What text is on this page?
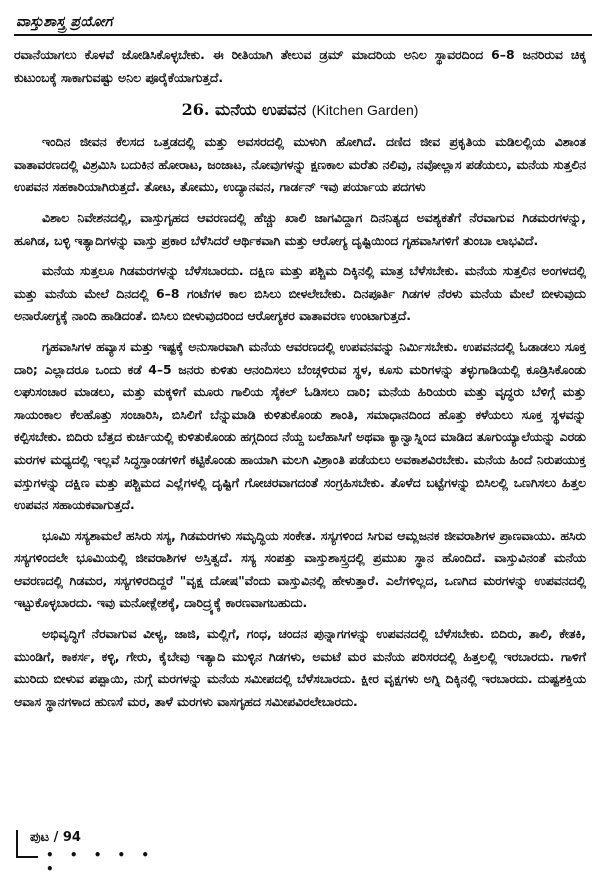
ವಾಸ್ತುಶಾಸ್ತ್ರ ಪ್ರಯೋಗ

ರವಾನೆಯಾಗಲು ಕೊಳವೆ ಜೋಡಿಸಿಕೊಳ್ಳಬೇಕು. ಈ ರೀತಿಯಾಗಿ ತೇಲುವ ಡ್ರಮ್ ಮಾದರಿಯ ಅನಿಲ ಸ್ಥಾವರದಿಂದ 6–8 ಜನರಿರುವ ಚಿಕ್ಕ ಕುಟುಂಬಕ್ಕೆ ಸಾಕಾಗುವಷ್ಟು ಅನಿಲ ಪೂರೈಕೆಯಾಗುತ್ತದೆ.

26. ಮನೆಯ ಉಪವನ (Kitchen Garden)

ಇಂದಿನ ಜೀವನ ಕೆಲಸದ ಒತ್ತಡದಲ್ಲಿ ಮತ್ತು ಅವಸರದಲ್ಲಿ ಮುಳುಗಿ ಹೋಗಿದೆ. ದಣಿದ ಜೀವ ಪ್ರಕೃತಿಯ ಮಡಿಲಲ್ಲಿಯ ವಿಶಾಂತ ವಾತಾವರಣದಲ್ಲಿ ವಿಶ್ರಮಿಸಿ ಬದುಕಿನ ಹೋರಾಟ, ಜಂಜಾಟ, ನೋವುಗಳನ್ನು ಕ್ಷಣಕಾಲ ಮರೆತು ನಲಿವು, ನವೋಲ್ಲಾಸ ಪಡೆಯಲು, ಮನೆಯ ಸುತ್ತಲಿನ ಉಪವನ ಸಹಕಾರಿಯಾಗಿರುತ್ತದೆ. ತೋಟ, ತೋಮು, ಉದ್ಯಾನವನ, ಗಾರ್ಡನ್ ಇವು ಪರ್ಯಾಯ ಪದಗಳು

ವಿಶಾಲ ನಿವೇಶನದಲ್ಲಿ, ವಾಸ್ತುಗೃಹದ ಆವರಣದಲ್ಲಿ ಹೆಚ್ಚು ಖಾಲಿ ಜಾಗವಿದ್ದಾಗ ದಿನನಿತ್ಯದ ಅವಶ್ಯಕತೆಗೆ ನೆರವಾಗುವ ಗಿಡಮರಗಳನ್ನು, ಹೂಗಿಡ, ಬಳ್ಳಿ ಇತ್ಯಾದಿಗಳನ್ನು ವಾಸ್ತು ಪ್ರಕಾರ ಬೆಳೆಸಿದರೆ ಆರ್ಥಿಕವಾಗಿ ಮತ್ತು ಆರೋಗ್ಯ ದೃಷ್ಟಿಯಿಂದ ಗೃಹವಾಸಿಗಳಿಗೆ ತುಂಬಾ ಲಾಭವಿದೆ.

ಮನೆಯ ಸುತ್ತಲೂ ಗಿಡಮರಗಳನ್ನು ಬೆಳೆಸಬಾರದು. ದಕ್ಷಿಣ ಮತ್ತು ಪಶ್ಚಿಮ ದಿಕ್ಕಿನಲ್ಲಿ ಮಾತ್ರ ಬೆಳೆಸಬೇಕು. ಮನೆಯ ಸುತ್ತಲಿನ ಅಂಗಳದಲ್ಲಿ ಮತ್ತು ಮನೆಯ ಮೇಲೆ ದಿನದಲ್ಲಿ 6–8 ಗಂಟೆಗಳ ಕಾಲ ಬಿಸಿಲು ಬೀಳಲೇಬೇಕು. ದಿನಪೂರ್ತಿ ಗಿಡಗಳ ನೆರಳು ಮನೆಯ ಮೇಲೆ ಬೀಳುವುದು ಅನಾರೋಗ್ಯಕ್ಕೆ ನಾಂದಿ ಹಾಡಿದಂತೆ. ಬಿಸಿಲು ಬೀಳುವುದರಿಂದ ಆರೋಗ್ಯಕರ ವಾತಾವರಣ ಉಂಟಾಗುತ್ತದೆ.

ಗೃಹವಾಸಿಗಳ ಹವ್ಯಾಸ ಮತ್ತು ಇಷ್ಟಕ್ಕೆ ಅನುಸಾರವಾಗಿ ಮನೆಯ ಆವರಣದಲ್ಲಿ ಉಪವನವನ್ನು ನಿರ್ಮಿಸಬೇಕು. ಉಪವನದಲ್ಲಿ ಓಡಾಡಲು ಸೂಕ್ತ ದಾರಿ; ಎಲ್ಲಾದರೂ ಒಂದು ಕಡೆ 4–5 ಜನರು ಕುಳಿತು ಆನಂದಿಸಲು ಬೆಂಚ್ಗಳಿರುವ ಸ್ಥಳ, ಕೂಸು ಮರಿಗಳನ್ನು ತಳ್ಳುಗಾಡಿಯಲ್ಲಿ ಕೂಡ್ರಿಸಿಕೊಂಡು ಲಘುಸಂಚಾರ ಮಾಡಲು, ಮತ್ತು ಮಕ್ಕಳಿಗೆ ಮೂರು ಗಾಲಿಯ ಸೈಕಲ್ ಓಡಿಸಲು ದಾರಿ; ಮನೆಯ ಹಿರಿಯರು ಮತ್ತು ವೃದ್ಧರು ಬೆಳಿಗ್ಗೆ ಮತ್ತು ಸಾಯಂಕಾಲ ಕೆಲಹೊತ್ತು ಸಂಚಾರಿಸಿ, ಬಿಸಿಲಿಗೆ ಬೆನ್ನುಮಾಡಿ ಕುಳಿತುಕೊಂಡು ಶಾಂತಿ, ಸಮಾಧಾನದಿಂದ ಹೊತ್ತು ಕಳೆಯಲು ಸೂಕ್ತ ಸ್ಥಳವನ್ನು ಕಲ್ಪಿಸಬೇಕು. ಬಿದಿರು ಬೆತ್ತದ ಕುರ್ಚಿಯಲ್ಲಿ ಕುಳಿತುಕೊಂಡು ಹಗ್ಗದಿಂದ ನೆಯ್ದ ಬಲೆಹಾಸಿಗೆ ಅಥವಾ ಕ್ಯಾನ್ವಾಸ್ನಿಂದ ಮಾಡಿದ ತೂಗುಯ್ಯಾಲೆಯನ್ನು ಎರಡು ಮರಗಳ ಮಧ್ಯದಲ್ಲಿ ಇಲ್ಲವೆ ಸಿದ್ಧಸ್ತಾಂಡಗಳಿಗೆ ಕಟ್ಟಿಕೊಂಡು ಹಾಯಾಗಿ ಮಲಗಿ ವಿಶ್ರಾಂತಿ ಪಡೆಯಲು ಅವಕಾಶವಿರಬೇಕು. ಮನೆಯ ಹಿಂದೆ ನಿರುಪಯುಕ್ತ ವಸ್ತುಗಳನ್ನು ದಕ್ಷಿಣ ಮತ್ತು ಪಶ್ಚಿಮದ ಎಲ್ಲೆಗಳಲ್ಲಿ ದೃಷ್ಟಿಗೆ ಗೋಚರವಾಗದಂತೆ ಸಂಗ್ರಹಿಸಬೇಕು. ತೊಳೆದ ಬಟ್ಟೆಗಳನ್ನು ಬಿಸಿಲಲ್ಲಿ ಒಣಗಿಸಲು ಹಿತ್ತಲ ಉಪವನ ಸಹಾಯಕವಾಗುತ್ತದೆ.

ಭೂಮಿ ಸಸ್ಯಶಾಮಲೆ ಹಸಿರು ಸಸ್ಯ, ಗಿಡಮರಗಳು ಸಮೃದ್ಧಿಯ ಸಂಕೇತ. ಸಸ್ಯಗಳಿಂದ ಸಿಗುವ ಆಮ್ಲಜನಕ ಜೀವರಾಶಿಗಳ ಪ್ರಾಣವಾಯು. ಹಸಿರು ಸಸ್ಯಗಳಿಂದಲೇ ಭೂಮಿಯಲ್ಲಿ ಜೀವರಾಶಿಗಳ ಅಸ್ತಿತ್ವದೆ. ಸಸ್ಯ ಸಂಪತ್ತು ವಾಸ್ತುಶಾಸ್ತ್ರದಲ್ಲಿ ಪ್ರಮುಖ ಸ್ಥಾನ ಹೊಂದಿದೆ. ವಾಸ್ತುವಿನಂತೆ ಮನೆಯ ಆವರಣದಲ್ಲಿ ಗಿಡಮರ, ಸಸ್ಯಗಳಿರದಿದ್ದರೆ "ವೃಕ್ಷ ದೋಷ"ವೆಂದು ವಾಸ್ತುವಿನಲ್ಲಿ ಹೇಳುತ್ತಾರೆ. ಎಲೆಗಳಿಲ್ಲದ, ಒಣಗಿದ ಮರಗಳನ್ನು ಉಪವನದಲ್ಲಿ ಇಟ್ಟುಕೊಳ್ಳಬಾರದು. ಇವು ಮನೋಕ್ಲೇಶಕ್ಕೆ, ದಾರಿದ್ರ್ಯಕ್ಕೆ ಕಾರಣವಾಗಬಹುದು.

ಅಭಿವೃದ್ಧಿಗೆ ನೆರವಾಗುವ ವೀಳ್ಯ, ಜಾಜಿ, ಮಲ್ಲಿಗೆ, ಗಂಧ, ಚಂದನ ಪುನ್ನಾಗಗಳನ್ನು ಉಪವನದಲ್ಲಿ ಬೆಳೆಸಬೇಕು. ಬಿದಿರು, ತಾಲಿ, ಕೇತಕಿ, ಮುಂಡಿಗೆ, ಕಾಕರ್ಸ, ಕಳ್ಳಿ, ಗೇರು, ಕೈಬೇವು ಇತ್ಯಾದಿ ಮುಳ್ಳಿನ ಗಿಡಗಳು, ಅಮಟೆ ಮರ ಮನೆಯ ಪರಿಸರದಲ್ಲಿ ಹಿತ್ತಲಲ್ಲಿ ಇರಬಾರದು. ಗಾಳಿಗೆ ಮುರಿದು ಬೀಳುವ ಪಪ್ಪಾಯಿ, ನುಗ್ಗೆ ಮರಗಳನ್ನು ಮನೆಯ ಸಮೀಪದಲ್ಲಿ ಬೆಳೆಸಬಾರದು. ಕ್ಷೀರ ವೃಕ್ಷಗಳು ಅಗ್ನಿ ದಿಕ್ಕಿನಲ್ಲಿ ಇರಬಾರದು. ದುಷ್ಟಶಕ್ತಿಯ ಆವಾಸ ಸ್ಥಾನಗಳಾದ ಹುಣಸೆ ಮರ, ತಾಳೆ ಮರಗಳು ವಾಸಗೃಹದ ಸಮೀಪವಿರಲೇಬಾರದು.

ಪುಟ / 94
• • • • • •
